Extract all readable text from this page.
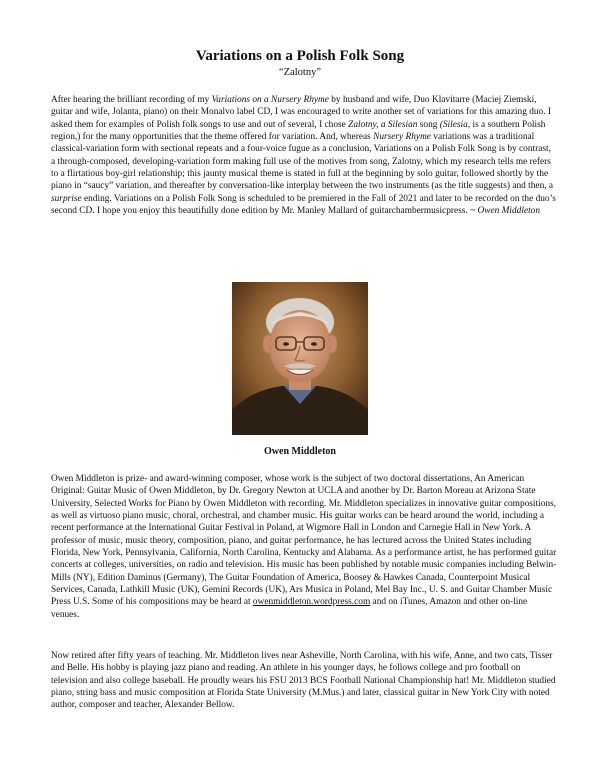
Variations on a Polish Folk Song
“Zalotny”

After hearing the brilliant recording of my Variations on a Nursery Rhyme by husband and wife, Duo Klavitarre (Maciej Ziemski, guitar and wife, Jolanta, piano) on their Monalvo label CD, I was encouraged to write another set of variations for this amazing duo. I asked them for examples of Polish folk songs to use and out of several, I chose Zalotny, a Silesian song (Silesia, is a southern Polish region,) for the many opportunities that the theme offered for variation. And, whereas Nursery Rhyme variations was a traditional classical-variation form with sectional repeats and a four-voice fugue as a conclusion, Variations on a Polish Folk Song is by contrast, a through-composed, developing-variation form making full use of the motives from song, Zalotny, which my research tells me refers to a flirtatious boy-girl relationship; this jaunty musical theme is stated in full at the beginning by solo guitar, followed shortly by the piano in “saucy” variation, and thereafter by conversation-like interplay between the two instruments (as the title suggests) and then, a surprise ending. Variations on a Polish Folk Song is scheduled to be premiered in the Fall of 2021 and later to be recorded on the duo’s second CD. I hope you enjoy this beautifully done edition by Mr. Manley Mallard of guitarchambermusicpress. ~ Owen Middleton

Owen Middleton

Owen Middleton is prize- and award-winning composer, whose work is the subject of two doctoral dissertations, An American Original: Guitar Music of Owen Middleton, by Dr. Gregory Newton at UCLA and another by Dr. Barton Moreau at Arizona State University, Selected Works for Piano by Owen Middleton with recording. Mr. Middleton specializes in innovative guitar compositions, as well as virtuoso piano music, choral, orchestral, and chamber music. His guitar works can be heard around the world, including a recent performance at the International Guitar Festival in Poland, at Wigmore Hall in London and Carnegie Hall in New York. A professor of music, music theory, composition, piano, and guitar performance, he has lectured across the United States including Florida, New York, Pennsylvania, California, North Carolina, Kentucky and Alabama. As a performance artist, he has performed guitar concerts at colleges, universities, on radio and television. His music has been published by notable music companies including Belwin-Mills (NY), Edition Daminus (Germany), The Guitar Foundation of America, Boosey & Hawkes Canada, Counterpoint Musical Services, Canada, Lathkill Music (UK), Gemini Records (UK), Ars Musica in Poland, Mel Bay Inc., U. S. and Guitar Chamber Music Press U.S. Some of his compositions may be heard at owenmiddleton.wordpress.com and on iTunes, Amazon and other on-line venues.

Now retired after fifty years of teaching. Mr. Middleton lives near Asheville, North Carolina, with his wife, Anne, and two cats, Tisser and Belle. His hobby is playing jazz piano and reading. An athlete in his younger days, he follows college and pro football on television and also college baseball. He proudly wears his FSU 2013 BCS Football National Championship hat! Mr. Middleton studied piano, string bass and music composition at Florida State University (M.Mus.) and later, classical guitar in New York City with noted author, composer and teacher, Alexander Bellow.
